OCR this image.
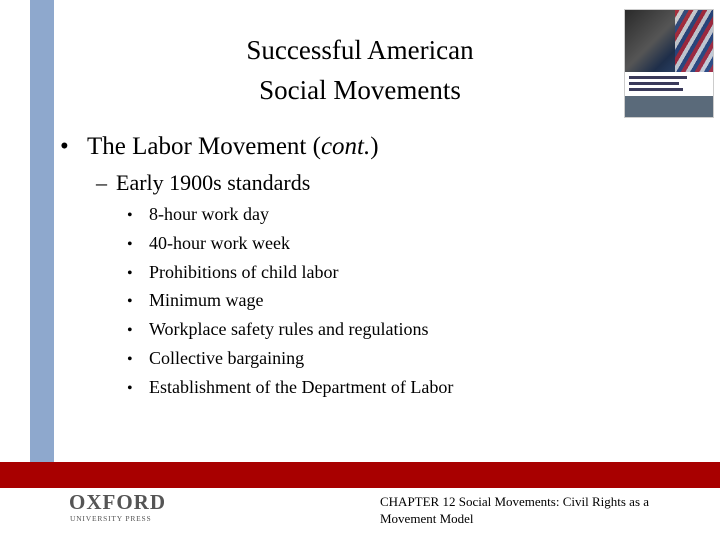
Successful American
Social Movements
• The Labor Movement (cont.)
– Early 1900s standards
• 8-hour work day
• 40-hour work week
• Prohibitions of child labor
• Minimum wage
• Workplace safety rules and regulations
• Collective bargaining
• Establishment of the Department of Labor
OXFORD
UNIVERSITY PRESS
CHAPTER 12 Social Movements: Civil Rights as a Movement Model
